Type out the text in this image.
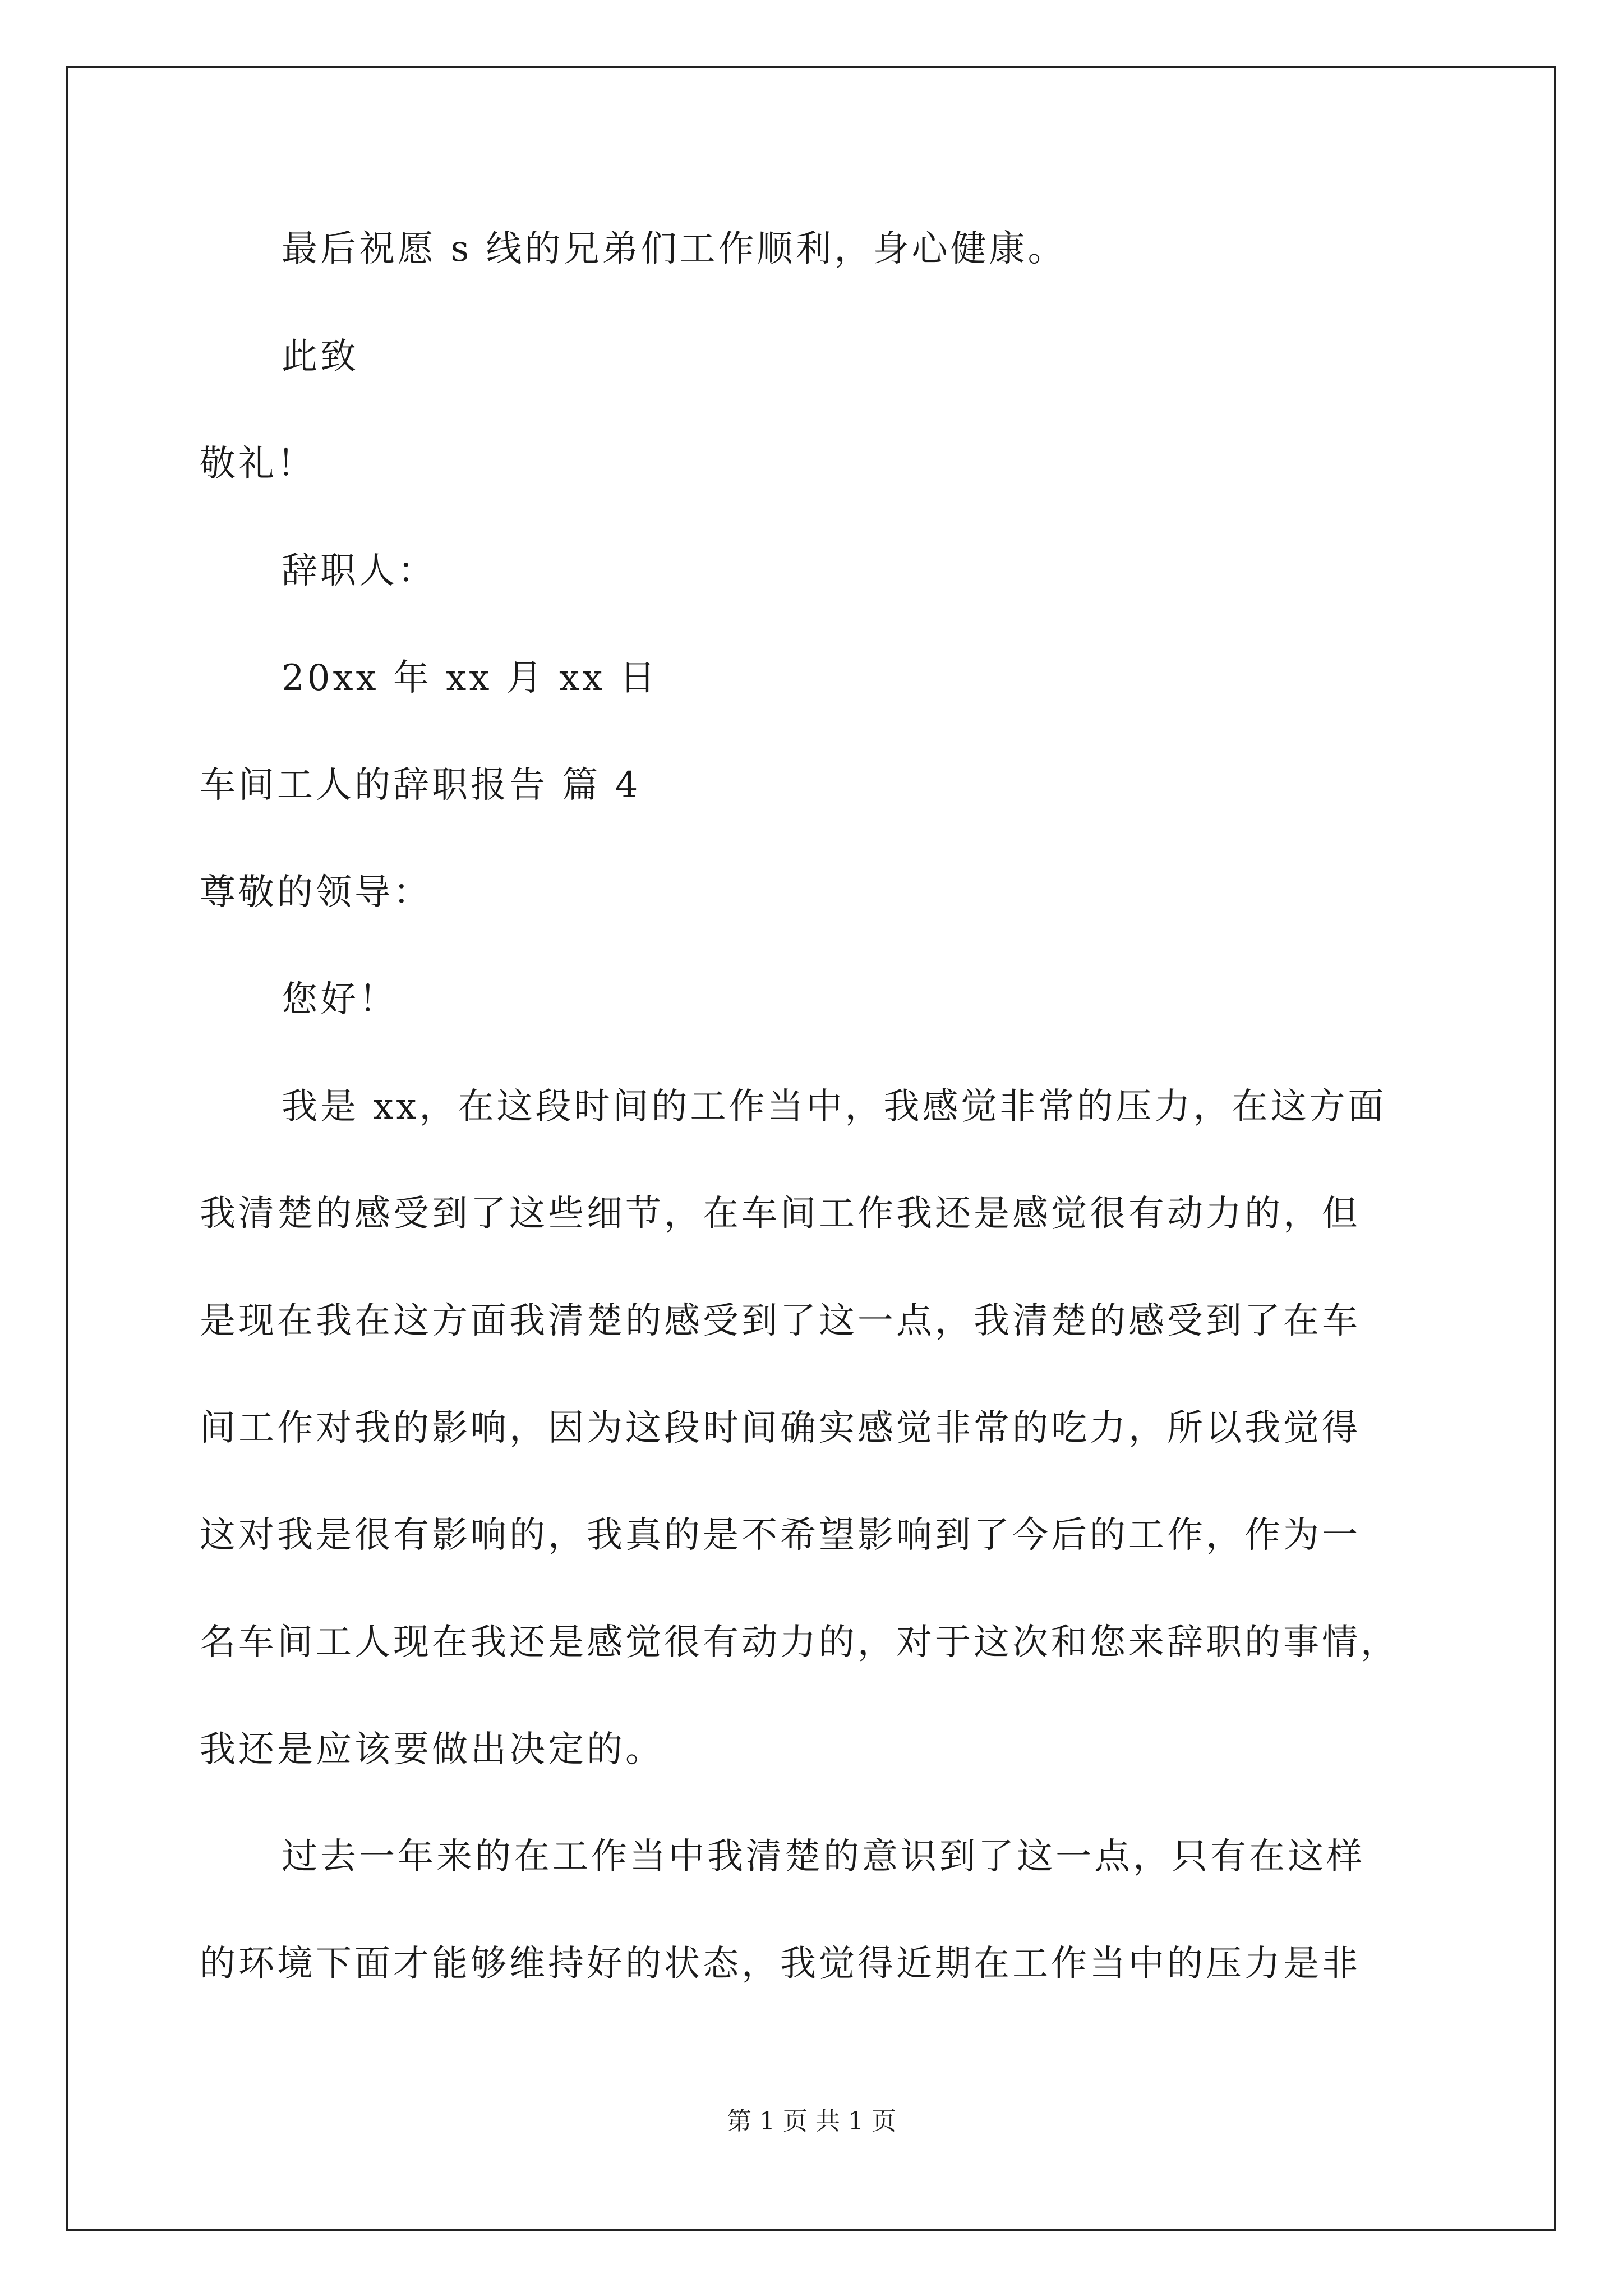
最后祝愿 s 线的兄弟们工作顺利，身心健康。
此致
敬礼！
辞职人：
20xx 年 xx 月 xx 日
车间工人的辞职报告 篇 4
尊敬的领导：
您好！
我是 xx，在这段时间的工作当中，我感觉非常的压力，在这方面
我清楚的感受到了这些细节，在车间工作我还是感觉很有动力的，但
是现在我在这方面我清楚的感受到了这一点，我清楚的感受到了在车
间工作对我的影响，因为这段时间确实感觉非常的吃力，所以我觉得
这对我是很有影响的，我真的是不希望影响到了今后的工作，作为一
名车间工人现在我还是感觉很有动力的，对于这次和您来辞职的事情，
我还是应该要做出决定的。
过去一年来的在工作当中我清楚的意识到了这一点，只有在这样
的环境下面才能够维持好的状态，我觉得近期在工作当中的压力是非
第 1 页 共 1 页
